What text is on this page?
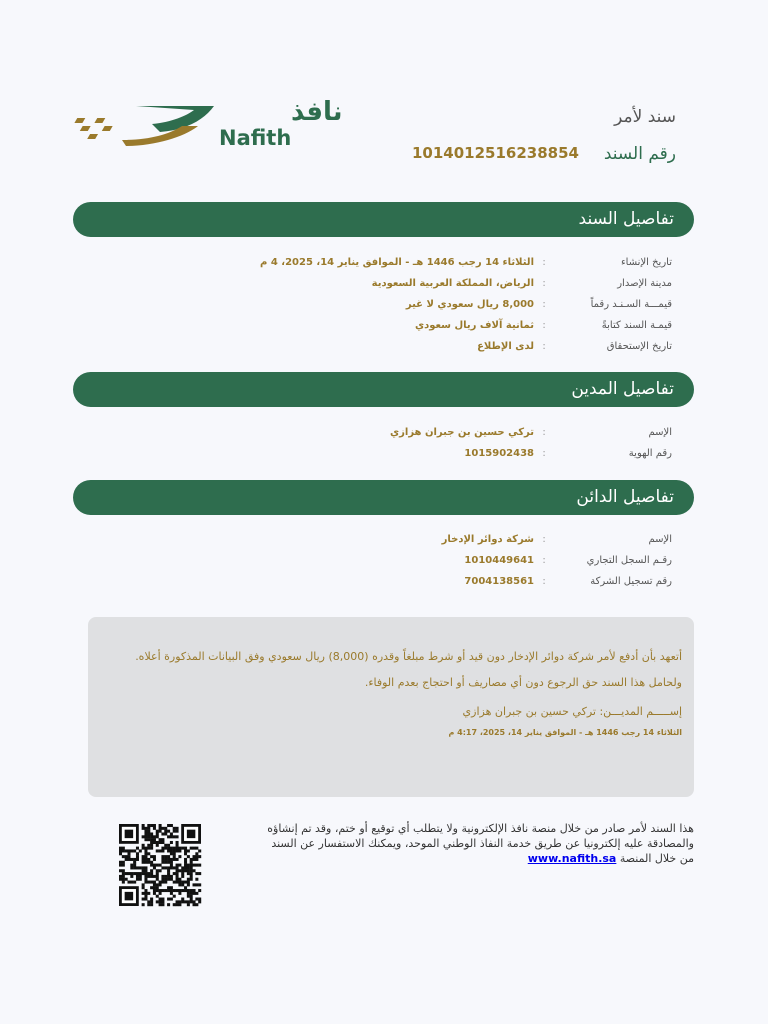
نافذ
Nafith
سند لأمر
رقم السند
1014012516238854
تفاصيل السند
تاريخ الإنشاء
:
الثلاثاء 14 رجب 1446 هـ - الموافق يناير 14، 2025، 4 م
مدينة الإصدار
:
الرياض، المملكة العربية السعودية
قيمـــة السـنـد رقماً
:
8,000 ريال سعودي لا غير
قيمـة السند كتابةً
:
ثمانية آلاف ريال سعودي
تاريخ الإستحقاق
:
لدى الإطلاع
تفاصيل المدين
الإسم
:
تركي حسين بن جبران هزازي
رقم الهوية
:
1015902438
تفاصيل الدائن
الإسم
:
شركة دوائر الإدخار
رقـم السجل التجاري
:
1010449641
رقم تسجيل الشركة
:
7004138561
أتعهد بأن أدفع لأمر شركة دوائر الإدخار دون قيد أو شرط مبلغاً وقدره (8,000) ريال سعودي وفق البيانات المذكورة أعلاه.
ولحامل هذا السند حق الرجوع دون أي مصاريف أو احتجاج بعدم الوفاء.
إســـــم المديـــن: تركي حسين بن جبران هزازي
الثلاثاء 14 رجب 1446 هـ - الموافق يناير 14، 2025، 4:17 م
هذا السند لأمر صادر من خلال منصة نافذ الإلكترونية ولا يتطلب أي توقيع أو ختم، وقد تم إنشاؤه والمصادقة عليه إلكترونيا عن طريق خدمة النفاذ الوطني الموحد، ويمكنك الاستفسار عن السند من خلال المنصة www.nafith.sa
